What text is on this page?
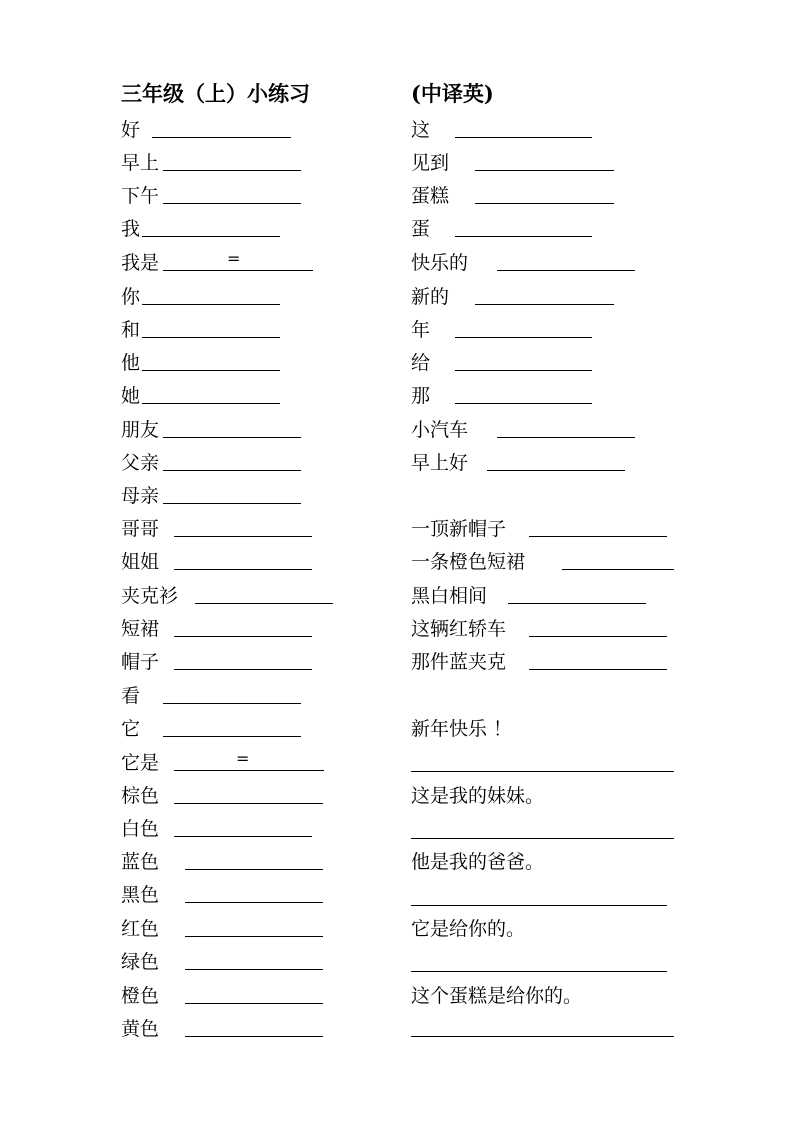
三年级（上）小练习	(中译英)
好
早上
下午
我
我是	=
你
和
他
她
朋友
父亲
母亲
哥哥
姐姐
夹克衫
短裙
帽子
看
它
它是	=
棕色
白色
蓝色
黑色
红色
绿色
橙色
黄色
这
见到
蛋糕
蛋
快乐的
新的
年
给
那
小汽车
早上好
一顶新帽子
一条橙色短裙
黑白相间
这辆红轿车
那件蓝夹克
新年快乐 ！
这是我的妹妹。
他是我的爸爸。
它是给你的。
这个蛋糕是给你的。
